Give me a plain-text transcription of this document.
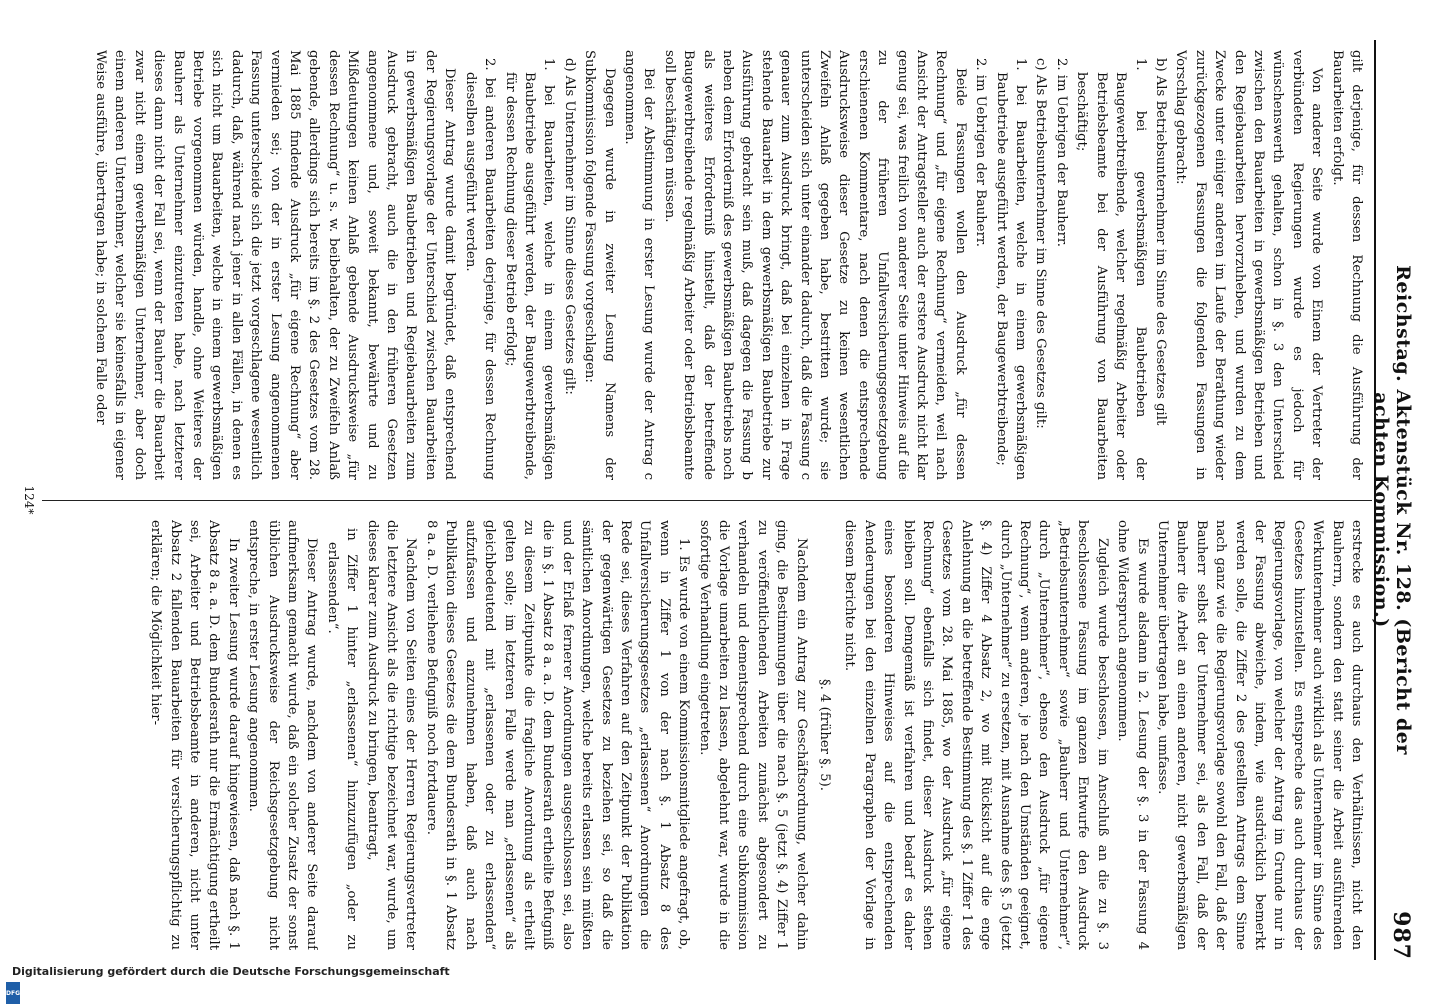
Reichstag. Aktenstück Nr. 128. (Bericht der achten Kommission.)
987

gilt derjenige, für dessen Rechnung die Ausführung der Bauarbeiten erfolgt.

Von anderer Seite wurde von Einem der Vertreter der verbündeten Regierungen wurde es jedoch für wünschenswerth gehalten, schon in §. 3 den Unterschied zwischen den Bauarbeiten in gewerbsmäßigen Betrieben und den Regiebauarbeiten hervorzuheben, und wurden zu dem Zwecke unter einiger anderen im Laufe der Berathung wieder zurückgezogenen Fassungen die folgenden Fassungen in Vorschlag gebracht:

b) Als Betriebsunternehmer im Sinne des Gesetzes gilt

1. bei gewerbsmäßigen Baubetrieben der Baugewerbtreibende, welcher regelmäßig Arbeiter oder Betriebsbeamte bei der Ausführung von Bauarbeiten beschäftigt;

2. im Uebrigen der Bauherr.

c) Als Betriebsunternehmer im Sinne des Gesetzes gilt:

1. bei Bauarbeiten, welche in einem gewerbsmäßigen Baubetriebe ausgeführt werden, der Baugewerbtreibende;

2. im Uebrigen der Bauherr.

Beide Fassungen wollen den Ausdruck „für dessen Rechnung“ und „für eigene Rechnung“ vermeiden, weil nach Ansicht der Antragsteller auch der erstere Ausdruck nicht klar genug sei, was freilich von anderer Seite unter Hinweis auf die zu der früheren Unfallversicherungsgesetzgebung erschienenen Kommentare, nach denen die entsprechende Ausdrucksweise dieser Gesetze zu keinen wesentlichen Zweifeln Anlaß gegeben habe, bestritten wurde; sie unterscheiden sich unter einander dadurch, daß die Fassung c genauer zum Ausdruck bringt, daß bei einzelnen in Frage stehende Bauarbeit in dem gewerbsmäßigen Baubetriebe zur Ausführung gebracht sein muß, daß dagegen die Fassung b neben dem Erforderniß des gewerbsmäßigen Baubetriebs noch als weiteres Erforderniß hinstellt, daß der betreffende Baugewerbtreibende regelmäßig Arbeiter oder Betriebsbeamte soll beschäftigen müssen.

Bei der Abstimmung in erster Lesung wurde der Antrag c angenommen.

Dagegen wurde in zweiter Lesung Namens der Subkommission folgende Fassung vorgeschlagen:

d) Als Unternehmer im Sinne dieses Gesetzes gilt:

1. bei Bauarbeiten, welche in einem gewerbsmäßigen Baubetriebe ausgeführt werden, der Baugewerbtreibende, für dessen Rechnung dieser Betrieb erfolgt;

2. bei anderen Bauarbeiten derjenige, für dessen Rechnung dieselben ausgeführt werden.

Dieser Antrag wurde damit begründet, daß entsprechend der Regierungsvorlage der Unterschied zwischen Bauarbeiten in gewerbsmäßigen Baubetrieben und Regiebauarbeiten zum Ausdruck gebracht, auch die in den früheren Gesetzen angenommene und, soweit bekannt, bewährte und zu Mißdeutungen keinen Anlaß gebende Ausdrucksweise „für dessen Rechnung“ u. s. w. beibehalten, der zu Zweifeln Anlaß gebende, allerdings sich bereits im §. 2 des Gesetzes vom 28. Mai 1885 findende Ausdruck „für eigene Rechnung“ aber vermieden sei; von der in erster Lesung angenommenen Fassung unterscheide sich die jetzt vorgeschlagene wesentlich dadurch, daß, während nach jener in allen Fällen, in denen es sich nicht um Bauarbeiten, welche in einem gewerbsmäßigen Betriebe vorgenommen würden, handle, ohne Weiteres der Bauherr als Unternehmer einzutreten habe, nach letzterer dieses dann nicht der Fall sei, wenn der Bauherr die Bauarbeit zwar nicht einem gewerbsmäßigen Unternehmer, aber doch einem anderen Unternehmer, welcher sie keinesfalls in eigener Weise ausführe, übertragen habe; in solchem Falle oder

erstrecke es auch durchaus den Verhältnissen, nicht den Bauherrn, sondern den statt seiner die Arbeit ausführenden Werkunternehmer auch wirklich als Unternehmer im Sinne des Gesetzes hinzustellen. Es entspreche das auch durchaus der Regierungsvorlage, von welcher der Antrag im Grunde nur in der Fassung abweiche, indem, wie ausdrücklich bemerkt werden solle, die Ziffer 2 des gestellten Antrags dem Sinne nach ganz wie die Regierungsvorlage sowohl den Fall, daß der Bauherr selbst der Unternehmer sei, als den Fall, daß der Bauherr die Arbeit an einen anderen, nicht gewerbsmäßigen Unternehmer übertragen habe, umfasse.

Es wurde alsdann in 2. Lesung der §. 3 in der Fassung 4 ohne Widerspruch angenommen.

Zugleich wurde beschlossen, im Anschluß an die zu §. 3 beschlossene Fassung im ganzen Entwurfe den Ausdruck „Betriebsunternehmer“ sowie „Bauherr und Unternehmer“, durch „Unternehmer“, ebenso den Ausdruck „für eigene Rechnung“, wenn anderen, je nach den Umständen geeignet, durch „Unternehmer“ zu ersetzen, mit Ausnahme des §. 5 (jetzt §. 4) Ziffer 4 Absatz 2, wo mit Rücksicht auf die enge Anlehnung an die betreffende Bestimmung des §. 1 Ziffer 1 des Gesetzes vom 28. Mai 1885, wo der Ausdruck „für eigene Rechnung“ ebenfalls sich findet, dieser Ausdruck stehen bleiben soll. Demgemäß ist verfahren und bedarf es daher eines besonderen Hinweises auf die entsprechenden Aenderungen bei den einzelnen Paragraphen der Vorlage in diesem Berichte nicht.

§. 4 (früher §. 5).

Nachdem ein Antrag zur Geschäftsordnung, welcher dahin ging, die Bestimmungen über die nach §. 5 (jetzt §. 4) Ziffer 1 zu veröffentlichenden Arbeiten zunächst abgesondert zu verhandeln und dementsprechend durch eine Subkommission die Vorlage umarbeiten zu lassen, abgelehnt war, wurde in die sofortige Verhandlung eingetreten.

1. Es wurde von einem Kommissionsmitgliede angefragt, ob, wenn in Ziffer 1 von der nach §. 1 Absatz 8 des Unfallversicherungsgesetzes „erlassenen“ Anordnungen die Rede sei, dieses Verfahren auf den Zeitpunkt der Publikation der gegenwärtigen Gesetzes zu beziehen sei, so daß die sämtlichen Anordnungen, welche bereits erlassen sein müßten und der Erlaß fernerer Anordnungen ausgeschlossen sei, also die in §. 1 Absatz 8 a. a. D. dem Bundesrath ertheilte Befugniß zu diesem Zeitpunkte die fragliche Anordnung als ertheilt gelten solle; im letzteren Falle werde man „erlassenen“ als gleichbedeutend mit „erlassenen oder zu erlassenden“ aufzufassen und anzunehmen haben, daß auch nach Publikation dieses Gesetzes die dem Bundesrath in §. 1 Absatz 8 a. a. D. verliehene Befugniß noch fortdauere.

Nachdem von Seiten eines der Herren Regierungsvertreter die letztere Ansicht als die richtige bezeichnet war, wurde, um dieses klarer zum Ausdruck zu bringen, beantragt,

in Ziffer 1 hinter „erlassenen“ hinzuzufügen „oder zu erlassenden“.

Dieser Antrag wurde, nachdem von anderer Seite darauf aufmerksam gemacht wurde, daß ein solcher Zusatz der sonst üblichen Ausdrucksweise der Reichsgesetzgebung nicht entspreche, in erster Lesung angenommen.

In zweiter Lesung wurde darauf hingewiesen, daß nach §. 1 Absatz 8 a. a. D. dem Bundesrath nur die Ermächtigung ertheilt sei, Arbeiter und Betriebsbeamte in anderen, nicht unter Absatz 2 fallenden Bauarbeiten für versicherungspflichtig zu erklären; die Möglichkeit hier-

124*
Digitalisierung gefördert durch die Deutsche Forschungsgemeinschaft
DFG
